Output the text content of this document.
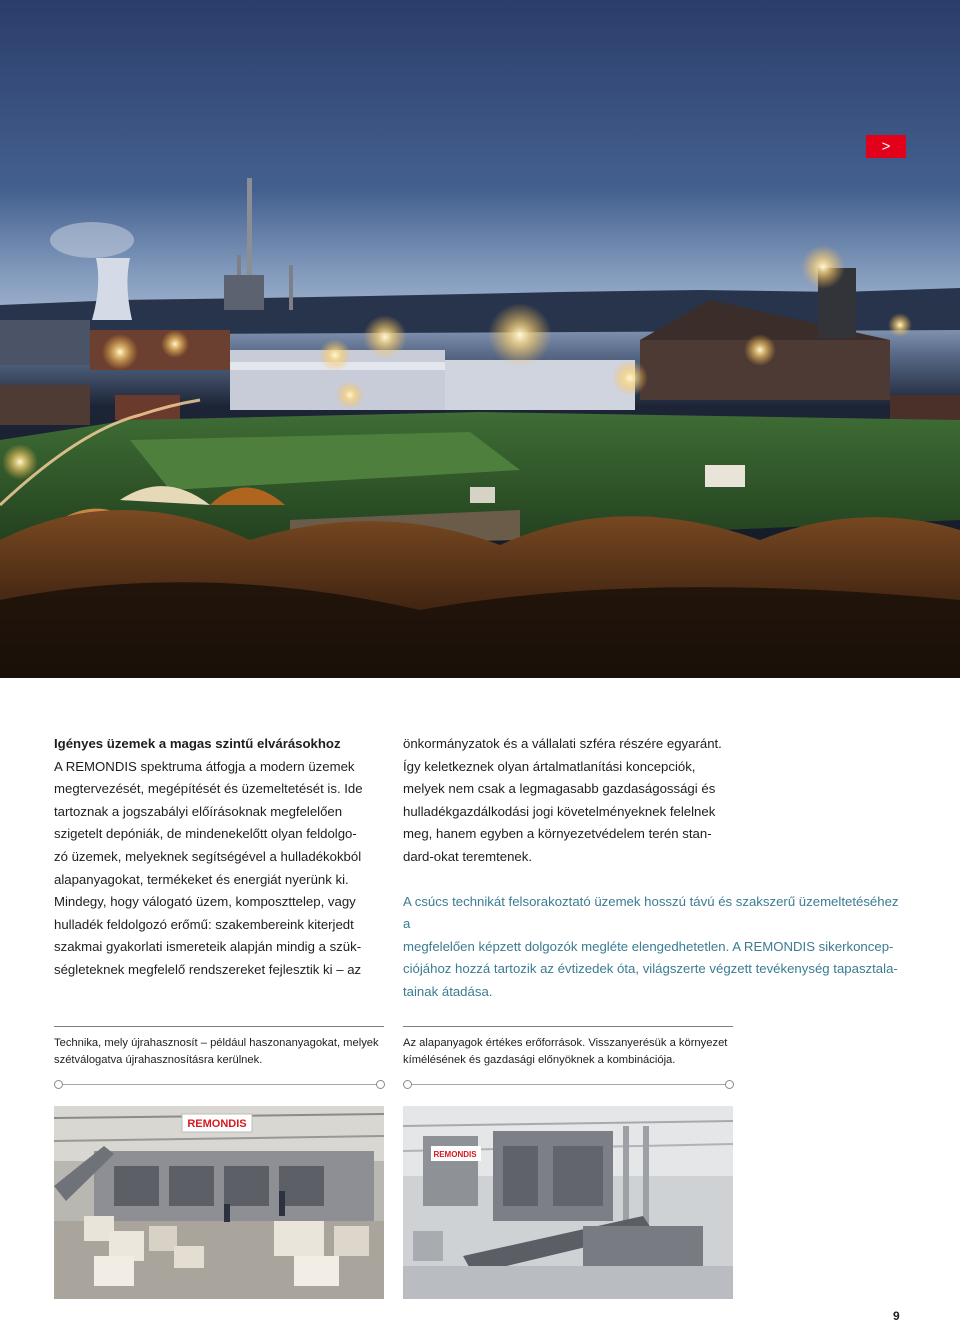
>

Igényes üzemek a magas szintű elvárásokhoz

A REMONDIS spektruma átfogja a modern üzemek

megtervezését, megépítését és üzemeltetését is. Ide

tartoznak a jogszabályi előírásoknak megfelelően

szigetelt depóniák, de mindenekelőtt olyan feldolgo-

zó üzemek, melyeknek segítségével a hulladékokból

alapanyagokat, termékeket és energiát nyerünk ki.

Mindegy, hogy válogató üzem, komposzttelep, vagy

hulladék feldolgozó erőmű: szakembereink kiterjedt

szakmai gyakorlati ismereteik alapján mindig a szük-

ségleteknek megfelelő rendszereket fejlesztik ki – az

önkormányzatok és a vállalati szféra részére egyaránt.

Így keletkeznek olyan ártalmatlanítási koncepciók,

melyek nem csak a legmagasabb gazdaságossági és

hulladékgazdálkodási jogi követelményeknek felelnek

meg, hanem egyben a környezetvédelem terén stan-

dard-okat teremtenek.

A csúcs technikát felsorakoztató üzemek hosszú távú és szakszerű üzemeltetéséhez a

megfelelően képzett dolgozók megléte elengedhetetlen. A REMONDIS sikerkoncep-

ciójához hozzá tartozik az évtizedek óta, világszerte végzett tevékenység tapasztala-

tainak átadása.

Technika, mely újrahasznosít – például haszonanyagokat, melyek
szétválogatva újrahasznosításra kerülnek.
Az alapanyagok értékes erőforrások. Visszanyerésük a környezet
kímélésének és gazdasági előnyöknek a kombinációja.
REMONDIS
REMONDIS
9
